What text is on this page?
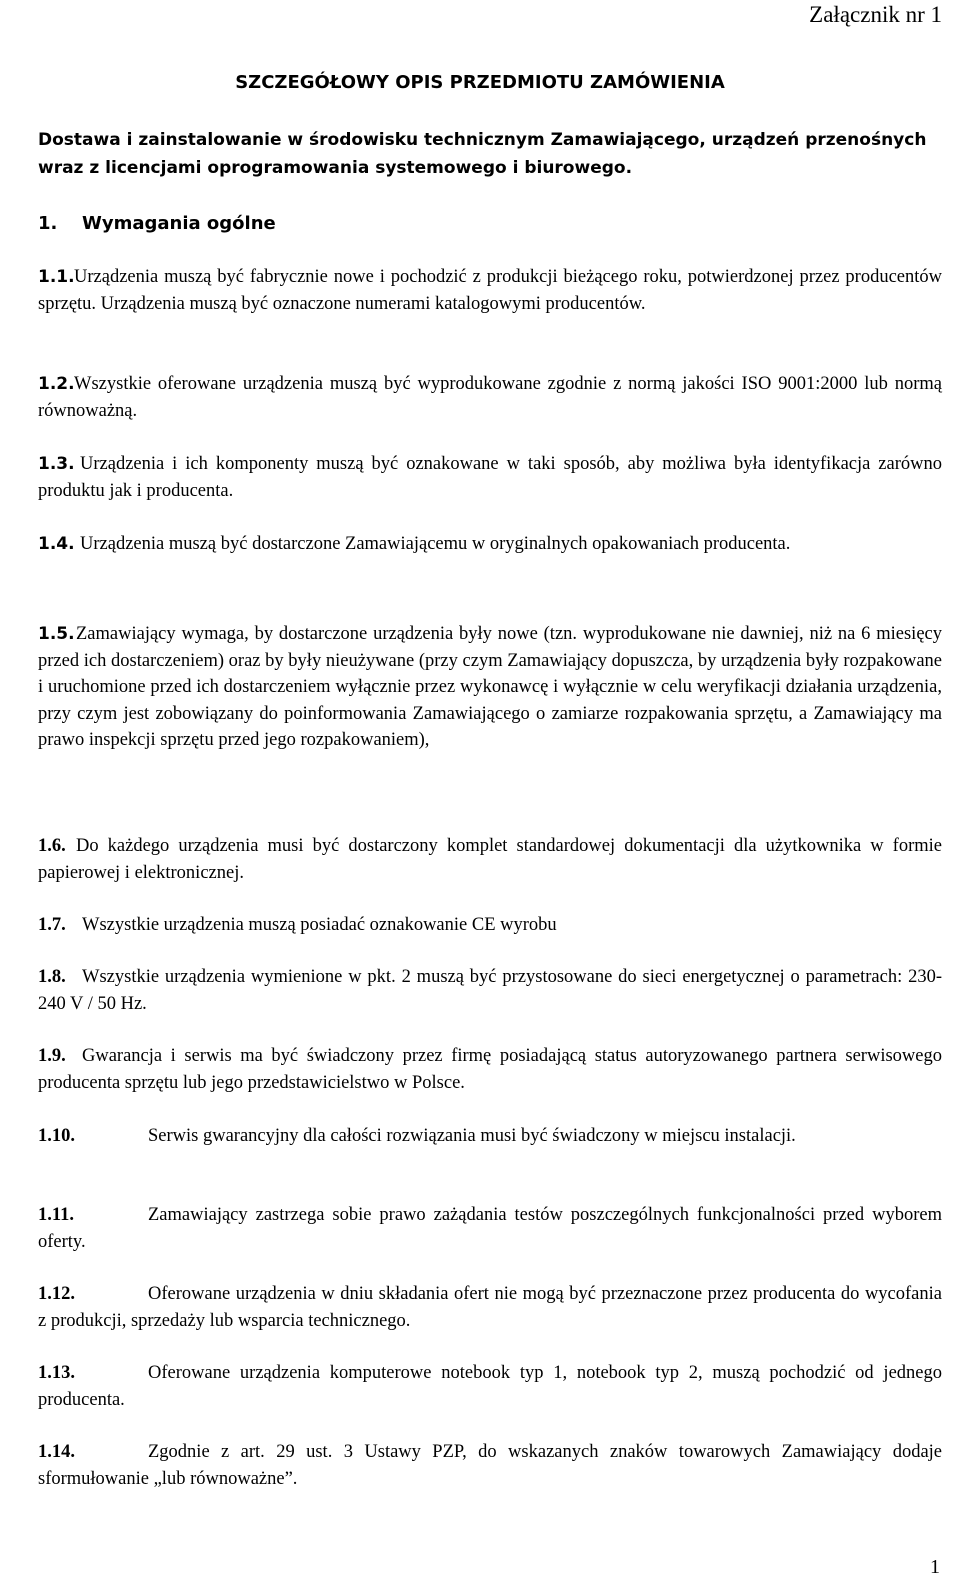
Załącznik nr 1
SZCZEGÓŁOWY OPIS PRZEDMIOTU ZAMÓWIENIA
Dostawa i zainstalowanie w środowisku technicznym Zamawiającego, urządzeń przenośnych wraz z licencjami oprogramowania systemowego i biurowego.
1. Wymagania ogólne
1.1. Urządzenia muszą być fabrycznie nowe i pochodzić z produkcji bieżącego roku, potwierdzonej przez producentów sprzętu. Urządzenia muszą być oznaczone numerami katalogowymi producentów.
1.2. Wszystkie oferowane urządzenia muszą być wyprodukowane zgodnie z normą jakości ISO 9001:2000 lub normą równoważną.
1.3. Urządzenia i ich komponenty muszą być oznakowane w taki sposób, aby możliwa była identyfikacja zarówno produktu jak i producenta.
1.4. Urządzenia muszą być dostarczone Zamawiającemu w oryginalnych opakowaniach producenta.
1.5. Zamawiający wymaga, by dostarczone urządzenia były nowe (tzn. wyprodukowane nie dawniej, niż na 6 miesięcy przed ich dostarczeniem) oraz by były nieużywane (przy czym Zamawiający dopuszcza, by urządzenia były rozpakowane i uruchomione przed ich dostarczeniem wyłącznie przez wykonawcę i wyłącznie w celu weryfikacji działania urządzenia, przy czym jest zobowiązany do poinformowania Zamawiającego o zamiarze rozpakowania sprzętu, a Zamawiający ma prawo inspekcji sprzętu przed jego rozpakowaniem),
1.6. Do każdego urządzenia musi być dostarczony komplet standardowej dokumentacji dla użytkownika w formie papierowej i elektronicznej.
1.7. Wszystkie urządzenia muszą posiadać oznakowanie CE wyrobu
1.8. Wszystkie urządzenia wymienione w pkt. 2 muszą być przystosowane do sieci energetycznej o parametrach: 230-240 V / 50 Hz.
1.9. Gwarancja i serwis ma być świadczony przez firmę posiadającą status autoryzowanego partnera serwisowego producenta sprzętu lub jego przedstawicielstwo w Polsce.
1.10.	Serwis gwarancyjny dla całości rozwiązania musi być świadczony w miejscu instalacji.
1.11.	Zamawiający zastrzega sobie prawo zażądania testów poszczególnych funkcjonalności przed wyborem oferty.
1.12.	Oferowane urządzenia w dniu składania ofert nie mogą być przeznaczone przez producenta do wycofania z produkcji, sprzedaży lub wsparcia technicznego.
1.13.	Oferowane urządzenia komputerowe notebook typ 1, notebook typ 2, muszą pochodzić od jednego producenta.
1.14.	Zgodnie z art. 29 ust. 3 Ustawy PZP, do wskazanych znaków towarowych Zamawiający dodaje sformułowanie „lub równoważne”.
1
